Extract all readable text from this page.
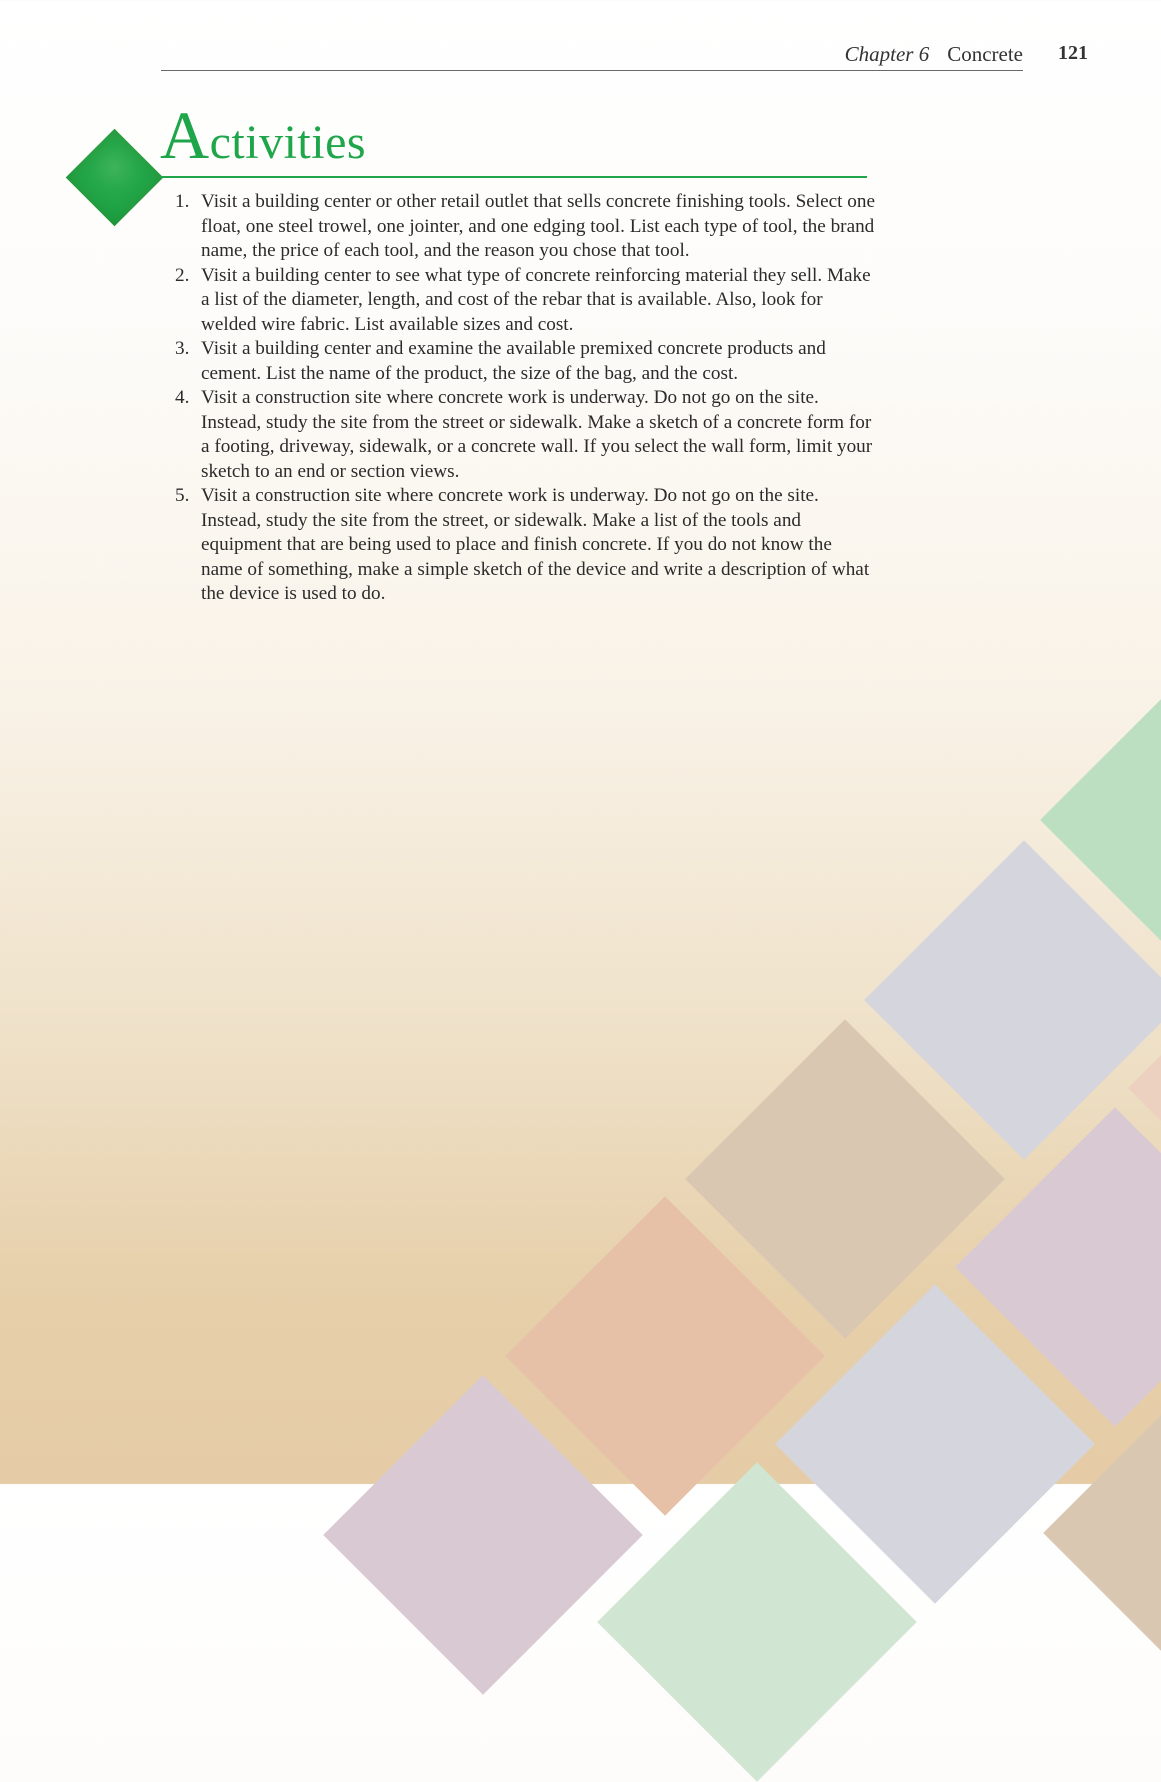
Chapter 6 Concrete 121
Activities
1. Visit a building center or other retail outlet that sells concrete finishing tools. Select one float, one steel trowel, one jointer, and one edging tool. List each type of tool, the brand name, the price of each tool, and the reason you chose that tool.
2. Visit a building center to see what type of concrete reinforcing material they sell. Make a list of the diameter, length, and cost of the rebar that is available. Also, look for welded wire fabric. List available sizes and cost.
3. Visit a building center and examine the available premixed concrete products and cement. List the name of the product, the size of the bag, and the cost.
4. Visit a construction site where concrete work is underway. Do not go on the site. Instead, study the site from the street or sidewalk. Make a sketch of a concrete form for a footing, driveway, sidewalk, or a concrete wall. If you select the wall form, limit your sketch to an end or section views.
5. Visit a construction site where concrete work is underway. Do not go on the site. Instead, study the site from the street, or sidewalk. Make a list of the tools and equipment that are being used to place and finish concrete. If you do not know the name of something, make a simple sketch of the device and write a description of what the device is used to do.
